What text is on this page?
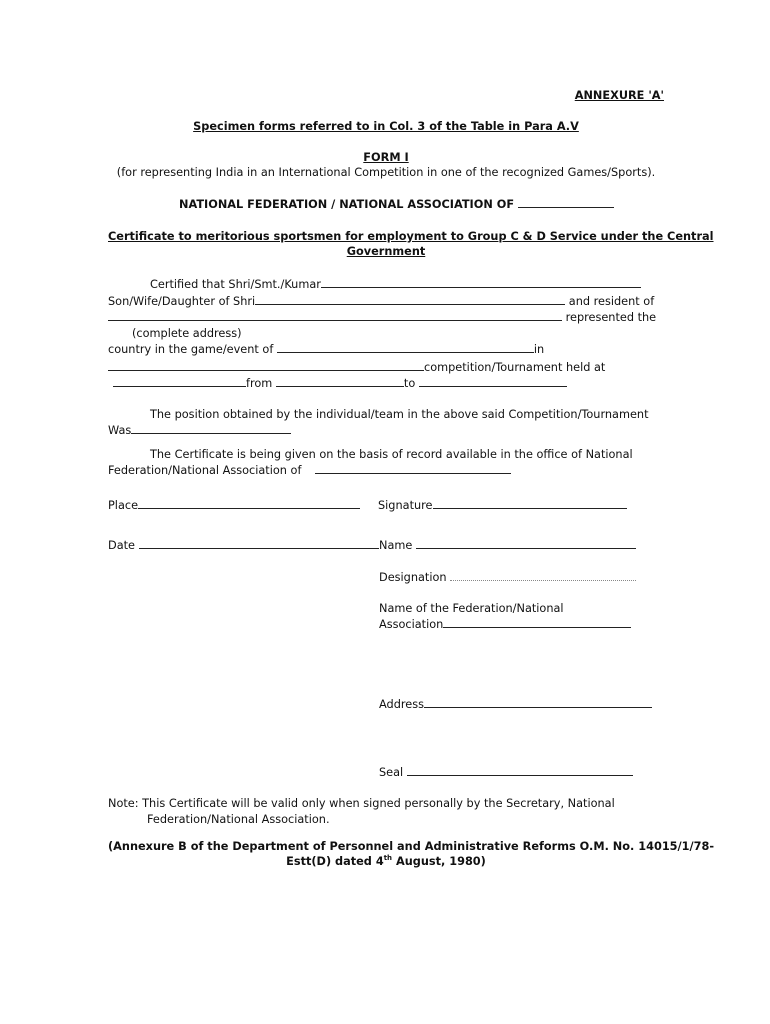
ANNEXURE 'A'
Specimen forms referred to in Col. 3 of the Table in Para A.V
FORM I
(for representing India in an International Competition in one of the recognized Games/Sports).
NATIONAL FEDERATION / NATIONAL ASSOCIATION OF
Certificate to meritorious sportsmen for employment to Group C & D Service under the Central
Government
Certified that Shri/Smt./Kumar
Son/Wife/Daughter of Shri	and resident of
represented the
(complete address)
country in the game/event of	in
competition/Tournament held at
from	to
The position obtained by the individual/team in the above said Competition/Tournament
Was
The Certificate is being given on the basis of record available in the office of National
Federation/National Association of
Place	Signature
Date	Name
Designation
Name of the Federation/National
Association
Address
Seal
Note: This Certificate will be valid only when signed personally by the Secretary, National
Federation/National Association.
(Annexure B of the Department of Personnel and Administrative Reforms O.M. No. 14015/1/78-
Estt(D) dated 4th August, 1980)
